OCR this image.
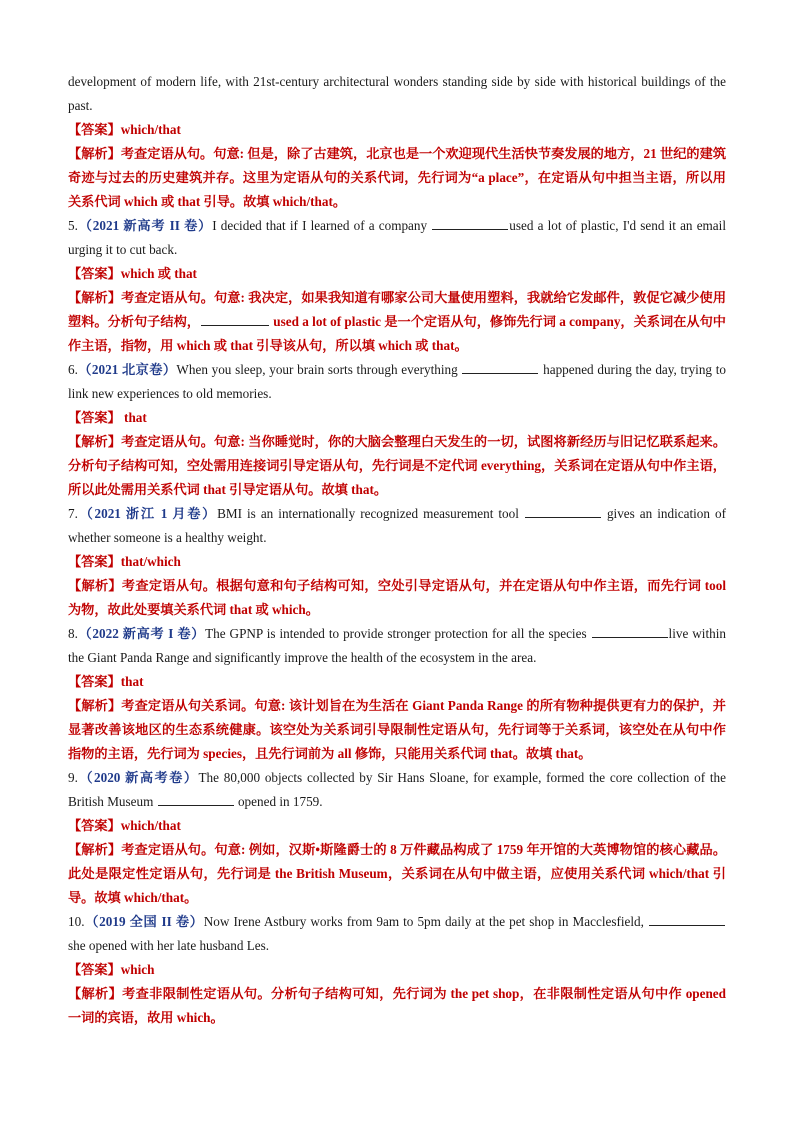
development of modern life, with 21st-century architectural wonders standing side by side with historical buildings of the past.

【答案】which/that

【解析】考查定语从句。句意: 但是，除了古建筑，北京也是一个欢迎现代生活快节奏发展的地方，21 世纪的建筑奇迹与过去的历史建筑并存。这里为定语从句的关系代词，先行词为“a place”，在定语从句中担当主语，所以用关系代词 which 或 that 引导。故填 which/that。

5.（2021 新高考 II 卷）I decided that if I learned of a company	used a lot of plastic, I'd send it an email urging it to cut back.

【答案】which 或 that

【解析】考查定语从句。句意: 我决定，如果我知道有哪家公司大量使用塑料，我就给它发邮件，敦促它减少使用塑料。分析句子结构，	used a lot of plastic 是一个定语从句，修饰先行词 a company，关系词在从句中作主语，指物，用 which 或 that 引导该从句，所以填 which 或 that。

6.（2021 北京卷）When you sleep, your brain sorts through everything	happened during the day, trying to link new experiences to old memories.

【答案】 that

【解析】考查定语从句。句意: 当你睡觉时，你的大脑会整理白天发生的一切，试图将新经历与旧记忆联系起来。分析句子结构可知，空处需用连接词引导定语从句，先行词是不定代词 everything，关系词在定语从句中作主语，所以此处需用关系代词 that 引导定语从句。故填 that。

7.（2021 浙江 1 月卷）BMI is an internationally recognized measurement tool	gives an indication of whether someone is a healthy weight.

【答案】that/which

【解析】考查定语从句。根据句意和句子结构可知，空处引导定语从句，并在定语从句中作主语，而先行词 tool 为物，故此处要填关系代词 that 或 which。

8.（2022 新高考 I 卷）The GPNP is intended to provide stronger protection for all the species	live within the Giant Panda Range and significantly improve the health of the ecosystem in the area.

【答案】that

【解析】考查定语从句关系词。句意: 该计划旨在为生活在 Giant Panda Range 的所有物种提供更有力的保护，并显著改善该地区的生态系统健康。该空处为关系词引导限制性定语从句，先行词等于关系词，该空处在从句中作指物的主语，先行词为 species，且先行词前为 all 修饰，只能用关系代词 that。故填 that。

9.（2020 新高考卷）The 80,000 objects collected by Sir Hans Sloane, for example, formed the core collection of the British Museum	opened in 1759.

【答案】which/that

【解析】考查定语从句。句意: 例如，汉斯•斯隆爵士的 8 万件藏品构成了 1759 年开馆的大英博物馆的核心藏品。此处是限定性定语从句，先行词是 the British Museum，关系词在从句中做主语，应使用关系代词 which/that 引导。故填 which/that。

10.（2019 全国 II 卷）Now Irene Astbury works from 9am to 5pm daily at the pet shop in Macclesfield,  she opened with her late husband Les.

【答案】which

【解析】考查非限制性定语从句。分析句子结构可知，先行词为 the pet shop，在非限制性定语从句中作 opened 一词的宾语，故用 which。
